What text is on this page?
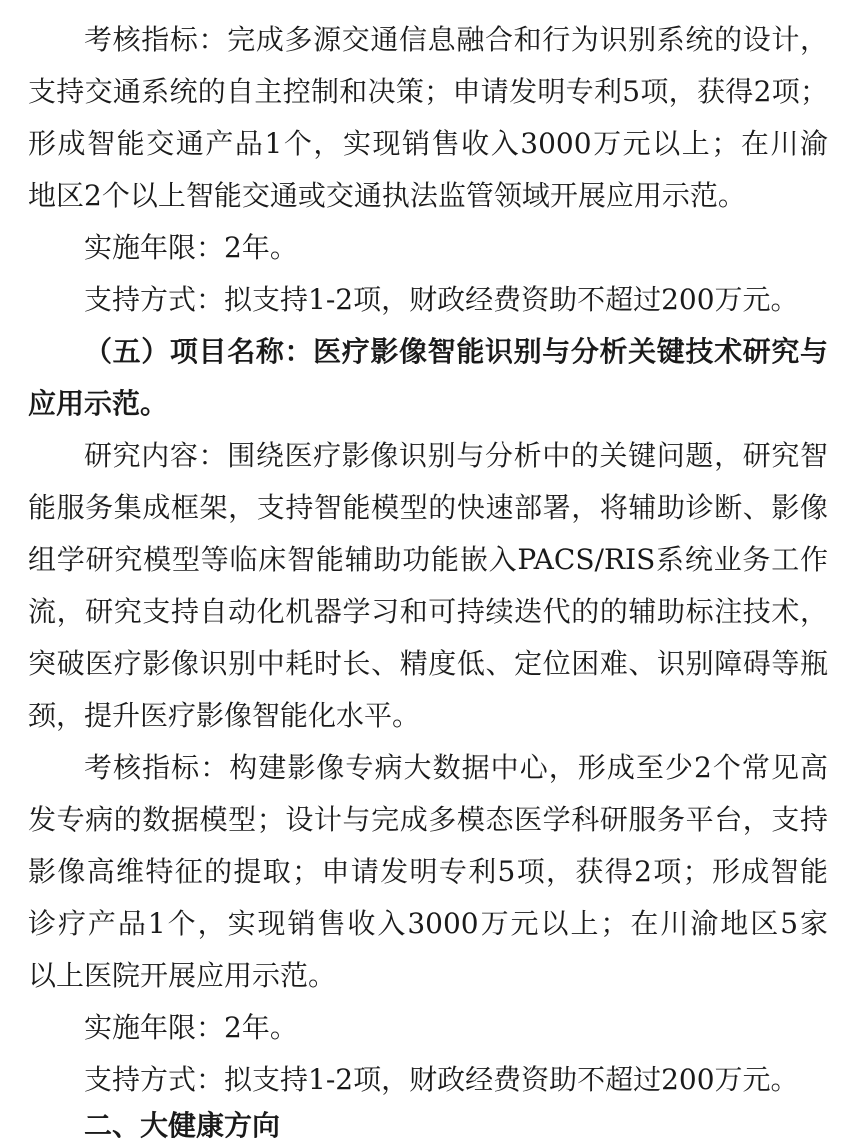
考核指标：完成多源交通信息融合和行为识别系统的设计，
支持交通系统的自主控制和决策；申请发明专利5项，获得2项；
形成智能交通产品1个，实现销售收入3000万元以上；在川渝
地区2个以上智能交通或交通执法监管领域开展应用示范。
实施年限：2年。
支持方式：拟支持1-2项，财政经费资助不超过200万元。
（五）项目名称：医疗影像智能识别与分析关键技术研究与
应用示范。
研究内容：围绕医疗影像识别与分析中的关键问题，研究智
能服务集成框架，支持智能模型的快速部署，将辅助诊断、影像
组学研究模型等临床智能辅助功能嵌入PACS/RIS系统业务工作
流，研究支持自动化机器学习和可持续迭代的的辅助标注技术，
突破医疗影像识别中耗时长、精度低、定位困难、识别障碍等瓶
颈，提升医疗影像智能化水平。
考核指标：构建影像专病大数据中心，形成至少2个常见高
发专病的数据模型；设计与完成多模态医学科研服务平台，支持
影像高维特征的提取；申请发明专利5项，获得2项；形成智能
诊疗产品1个，实现销售收入3000万元以上；在川渝地区5家
以上医院开展应用示范。
实施年限：2年。
支持方式：拟支持1-2项，财政经费资助不超过200万元。
二、大健康方向
